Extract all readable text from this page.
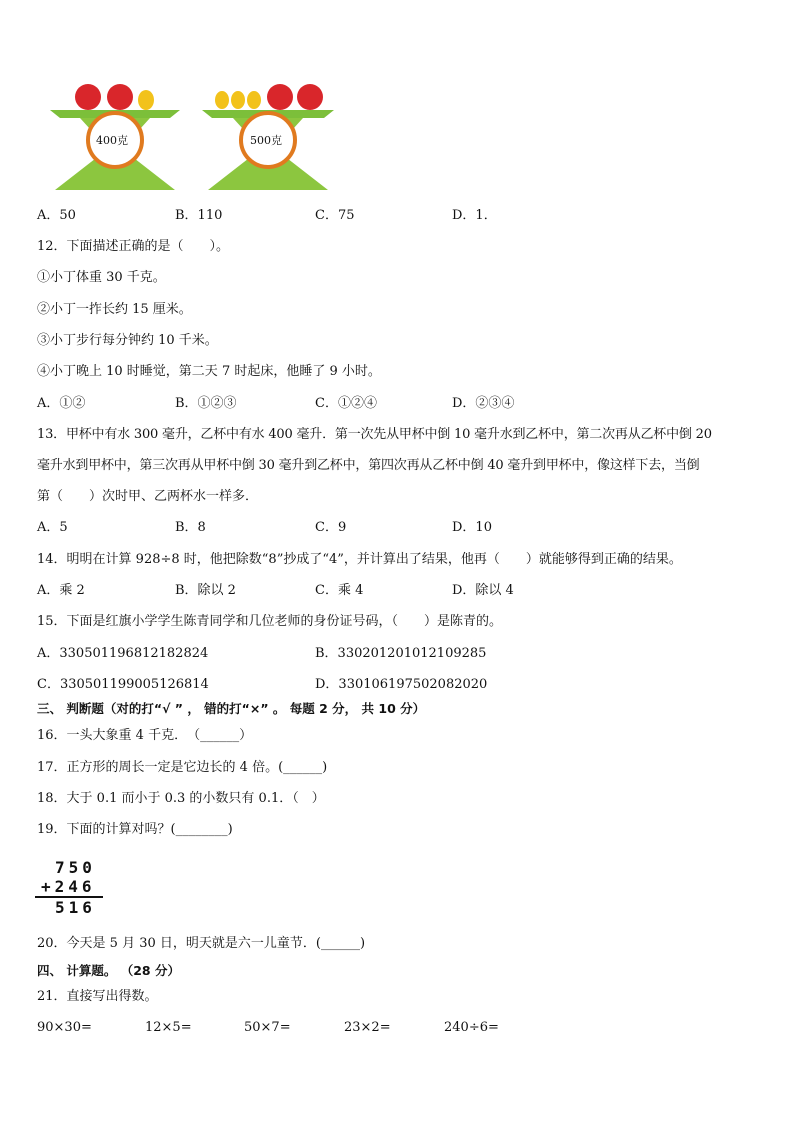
400克	500克
A．50	B．110	C．75	D．1．
12．下面描述正确的是（　　）。
①小丁体重 30 千克。
②小丁一拃长约 15 厘米。
③小丁步行每分钟约 10 千米。
④小丁晚上 10 时睡觉，第二天 7 时起床，他睡了 9 小时。
A．①②	B．①②③	C．①②④	D．②③④
13．甲杯中有水 300 毫升，乙杯中有水 400 毫升．第一次先从甲杯中倒 10 毫升水到乙杯中，第二次再从乙杯中倒 20
毫升水到甲杯中，第三次再从甲杯中倒 30 毫升到乙杯中，第四次再从乙杯中倒 40 毫升到甲杯中，像这样下去，当倒
第（　　）次时甲、乙两杯水一样多．
A．5	B．8	C．9	D．10
14．明明在计算 928÷8 时，他把除数“8”抄成了“4”，并计算出了结果，他再（　　）就能够得到正确的结果。
A．乘 2	B．除以 2	C．乘 4	D．除以 4
15．下面是红旗小学学生陈青同学和几位老师的身份证号码，（　　）是陈青的。
A．330501196812182824	B．330201201012109285
C．330501199005126814	D．330106197502082020
三、 判断题（对的打“√ ” ， 错的打“×” 。 每题 2 分， 共 10 分）
16．一头大象重 4 千克．　（______）
17．正方形的周长一定是它边长的 4 倍。(______)
18．大于 0.1 而小于 0.3 的小数只有 0.1．（　）
19．下面的计算对吗？(________)
750
+246
516
20．今天是 5 月 30 日，明天就是六一儿童节．(______)
四、 计算题。 （28 分）
21．直接写出得数。
90×30=	12×5=	50×7=	23×2=	240÷6=
